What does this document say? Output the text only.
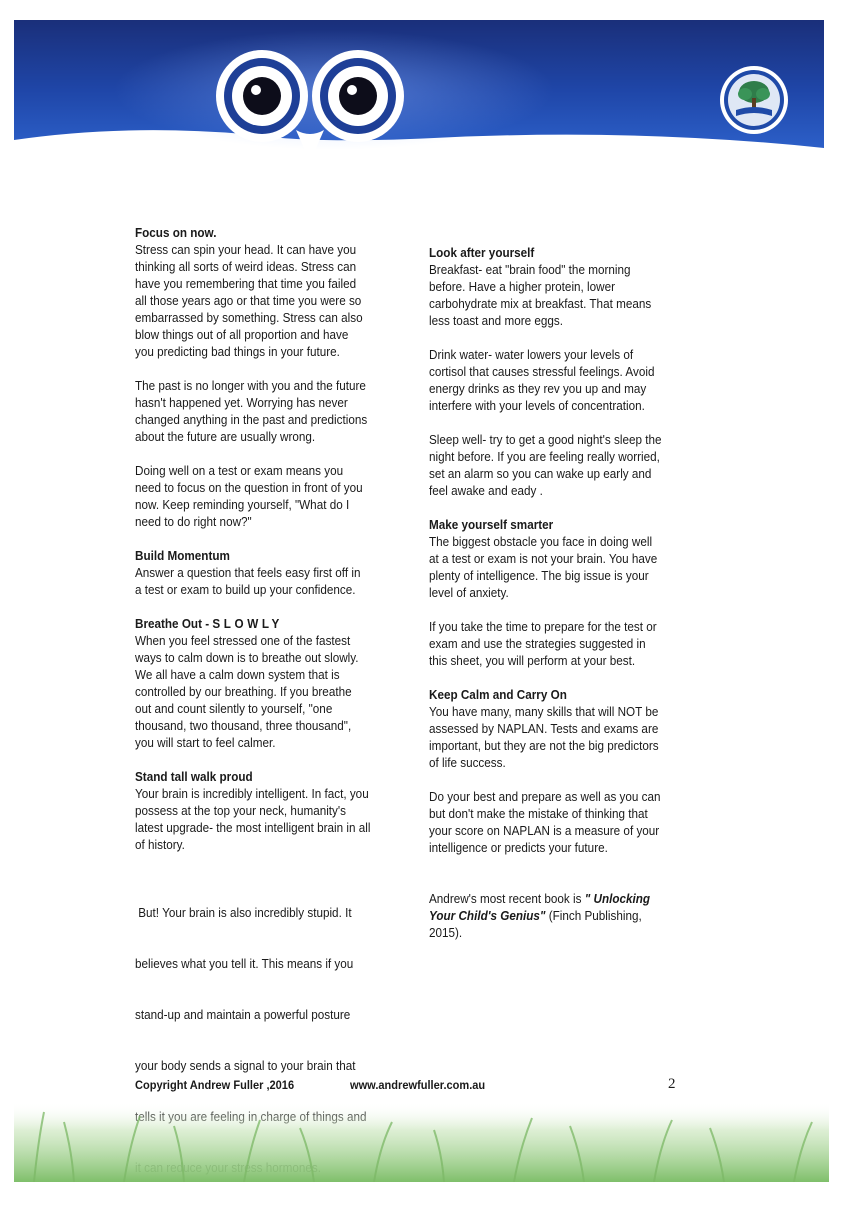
Focus on now.
Stress can spin your head. It can have you
thinking all sorts of weird ideas. Stress can
have you remembering that time you failed
all those years ago or that time you were so
embarrassed by something. Stress can also
blow things out of all proportion and have
you predicting bad things in your future.
The past is no longer with you and the future
hasn't happened yet. Worrying has never
changed anything in the past and predictions
about the future are usually wrong.
Doing well on a test or exam means you
need to focus on the question in front of you
now. Keep reminding yourself, "What do I
need to do right now?"
Build Momentum
Answer a question that feels easy first off in
a test or exam to build up your confidence.
Breathe Out - SLOWLY
When you feel stressed one of the fastest
ways to calm down is to breathe out slowly.
We all have a calm down system that is
controlled by our breathing. If you breathe
out and count silently to yourself, "one
thousand, two thousand, three thousand",
you will start to feel calmer.
Stand tall walk proud
Your brain is incredibly intelligent. In fact, you
possess at the top your neck, humanity's
latest upgrade- the most intelligent brain in all
of history.

But! Your brain is also incredibly stupid. It

believes what you tell it. This means if you

stand-up and maintain a powerful posture

your body sends a signal to your brain that

Look after yourself
Breakfast- eat "brain food" the morning
before. Have a higher protein, lower
carbohydrate mix at breakfast. That means
less toast and more eggs.
Drink water- water lowers your levels of
cortisol that causes stressful feelings. Avoid
energy drinks as they rev you up and may
interfere with your levels of concentration.
Sleep well- try to get a good night's sleep the
night before. If you are feeling really worried,
set an alarm so you can wake up early and
feel awake and eady .
Make yourself smarter
The biggest obstacle you face in doing well
at a test or exam is not your brain. You have
plenty of intelligence. The big issue is your
level of anxiety.
If you take the time to prepare for the test or
exam and use the strategies suggested in
this sheet, you will perform at your best.
Keep Calm and Carry On
You have many, many skills that will NOT be
assessed by NAPLAN. Tests and exams are
important, but they are not the big predictors
of life success.
Do your best and prepare as well as you can
but don't make the mistake of thinking that
your score on NAPLAN is a measure of your
intelligence or predicts your future.
Andrew's most recent book is " Unlocking
Your Child's Genius" (Finch Publishing,
2015).
Copyright Andrew Fuller ,2016	www.andrewfuller.com.au	2
